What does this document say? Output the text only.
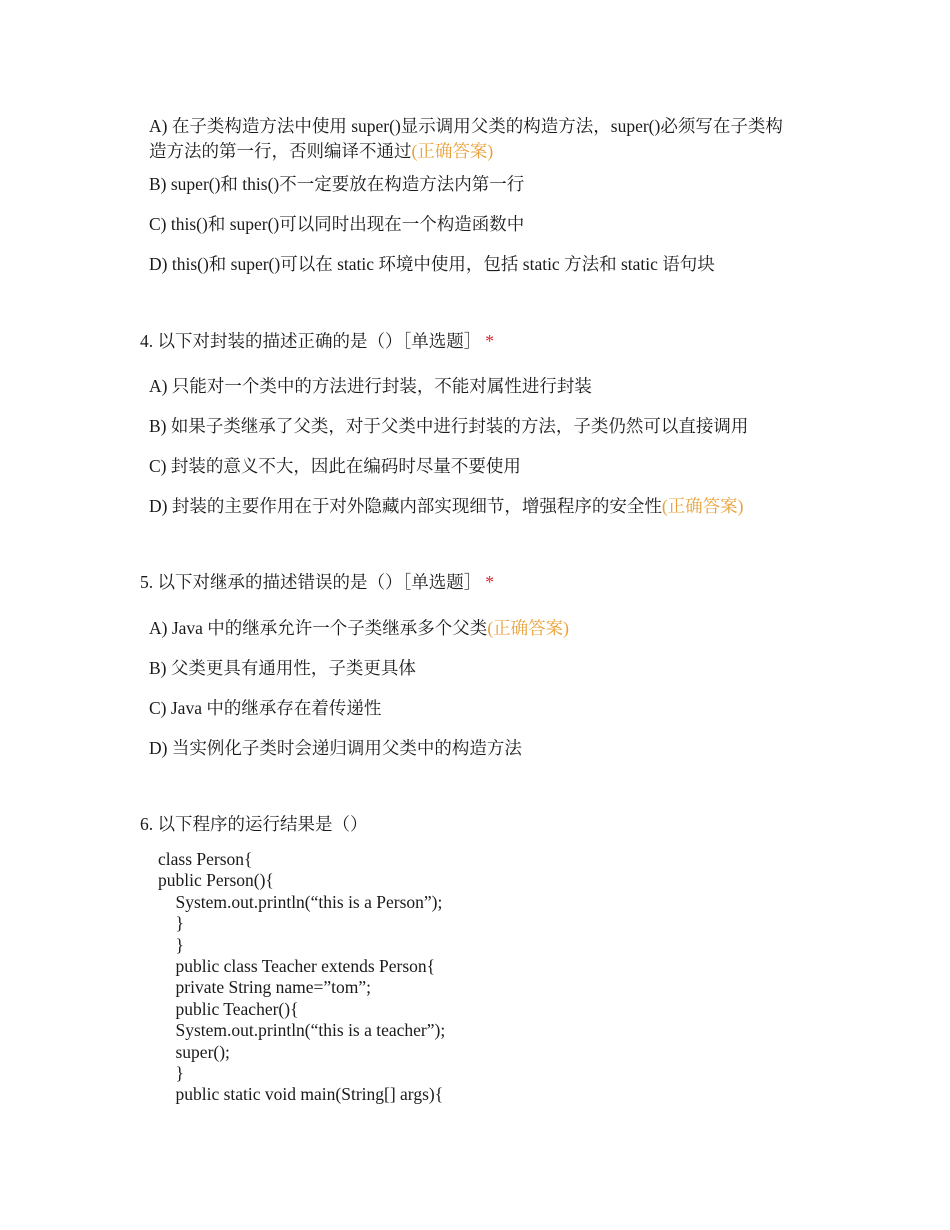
A) 在子类构造方法中使用 super()显示调用父类的构造方法，super()必须写在子类构造方法的第一行，否则编译不通过(正确答案)
B) super()和 this()不一定要放在构造方法内第一行
C) this()和 super()可以同时出现在一个构造函数中
D) this()和 super()可以在 static 环境中使用，包括 static 方法和 static 语句块
4. 以下对封装的描述正确的是（）［单选题］ *
A) 只能对一个类中的方法进行封装，不能对属性进行封装
B) 如果子类继承了父类，对于父类中进行封装的方法，子类仍然可以直接调用
C) 封装的意义不大，因此在编码时尽量不要使用
D) 封装的主要作用在于对外隐藏内部实现细节，增强程序的安全性(正确答案)
5. 以下对继承的描述错误的是（）［单选题］ *
A) Java 中的继承允许一个子类继承多个父类(正确答案)
B) 父类更具有通用性，子类更具体
C) Java 中的继承存在着传递性
D) 当实例化子类时会递归调用父类中的构造方法
6. 以下程序的运行结果是（）
class Person{
public Person(){
System.out.println(“this is a Person”);
}
}
public class Teacher extends Person{
private String name=”tom”;
public Teacher(){
System.out.println(“this is a teacher”);
super();
}
public static void main(String[] args){
